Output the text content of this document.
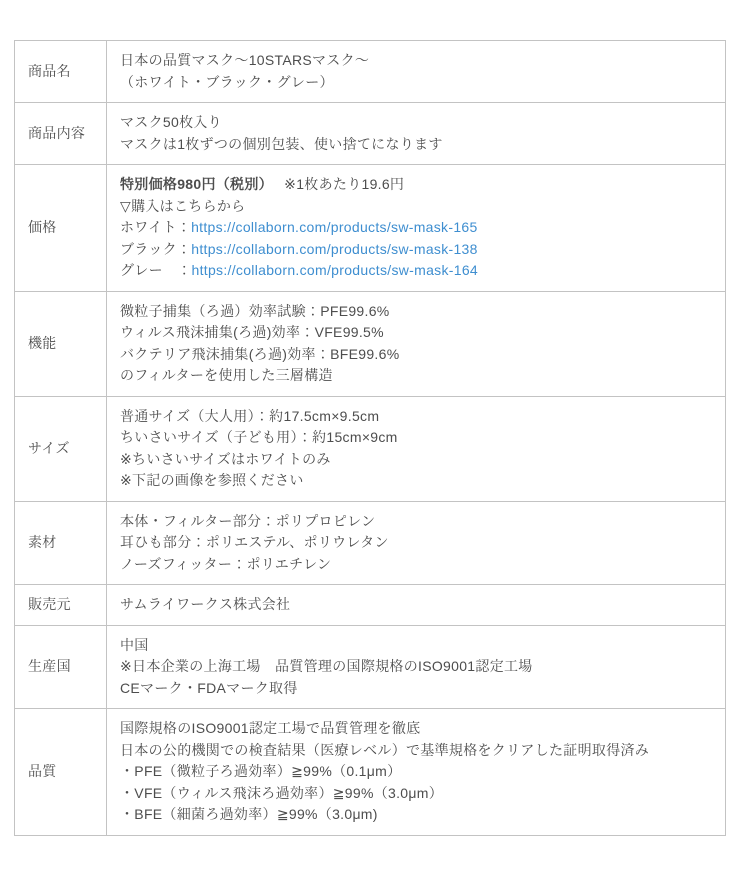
商品名	日本の品質マスク～10STARSマスク～
（ホワイト・ブラック・グレー）

商品内容	マスク50枚入り
マスクは1枚ずつの個別包装、使い捨てになります

価格	特別価格980円（税別） ※1枚あたり19.6円
▽購入はこちらから
ホワイト：https://collaborn.com/products/sw-mask-165
ブラック：https://collaborn.com/products/sw-mask-138
グレー　：https://collaborn.com/products/sw-mask-164

機能	微粒子捕集（ろ過）効率試験：PFE99.6%
ウィルス飛沫捕集(ろ過)効率：VFE99.5%
バクテリア飛沫捕集(ろ過)効率：BFE99.6%
のフィルターを使用した三層構造

サイズ	普通サイズ（大人用）：約17.5cm×9.5cm
ちいさいサイズ（子ども用）：約15cm×9cm
※ちいさいサイズはホワイトのみ
※下記の画像を参照ください

素材	本体・フィルター部分：ポリプロピレン
耳ひも部分：ポリエステル、ポリウレタン
ノーズフィッター：ポリエチレン

販売元	サムライワークス株式会社

生産国	中国
※日本企業の上海工場　品質管理の国際規格のISO9001認定工場
CEマーク・FDAマーク取得

品質	国際規格のISO9001認定工場で品質管理を徹底
日本の公的機関での検査結果（医療レベル）で基準規格をクリアした証明取得済み
・PFE（微粒子ろ過効率）≧99%（0.1μm）
・VFE（ウィルス飛沫ろ過効率）≧99%（3.0μm）
・BFE（細菌ろ過効率）≧99%（3.0μm)
